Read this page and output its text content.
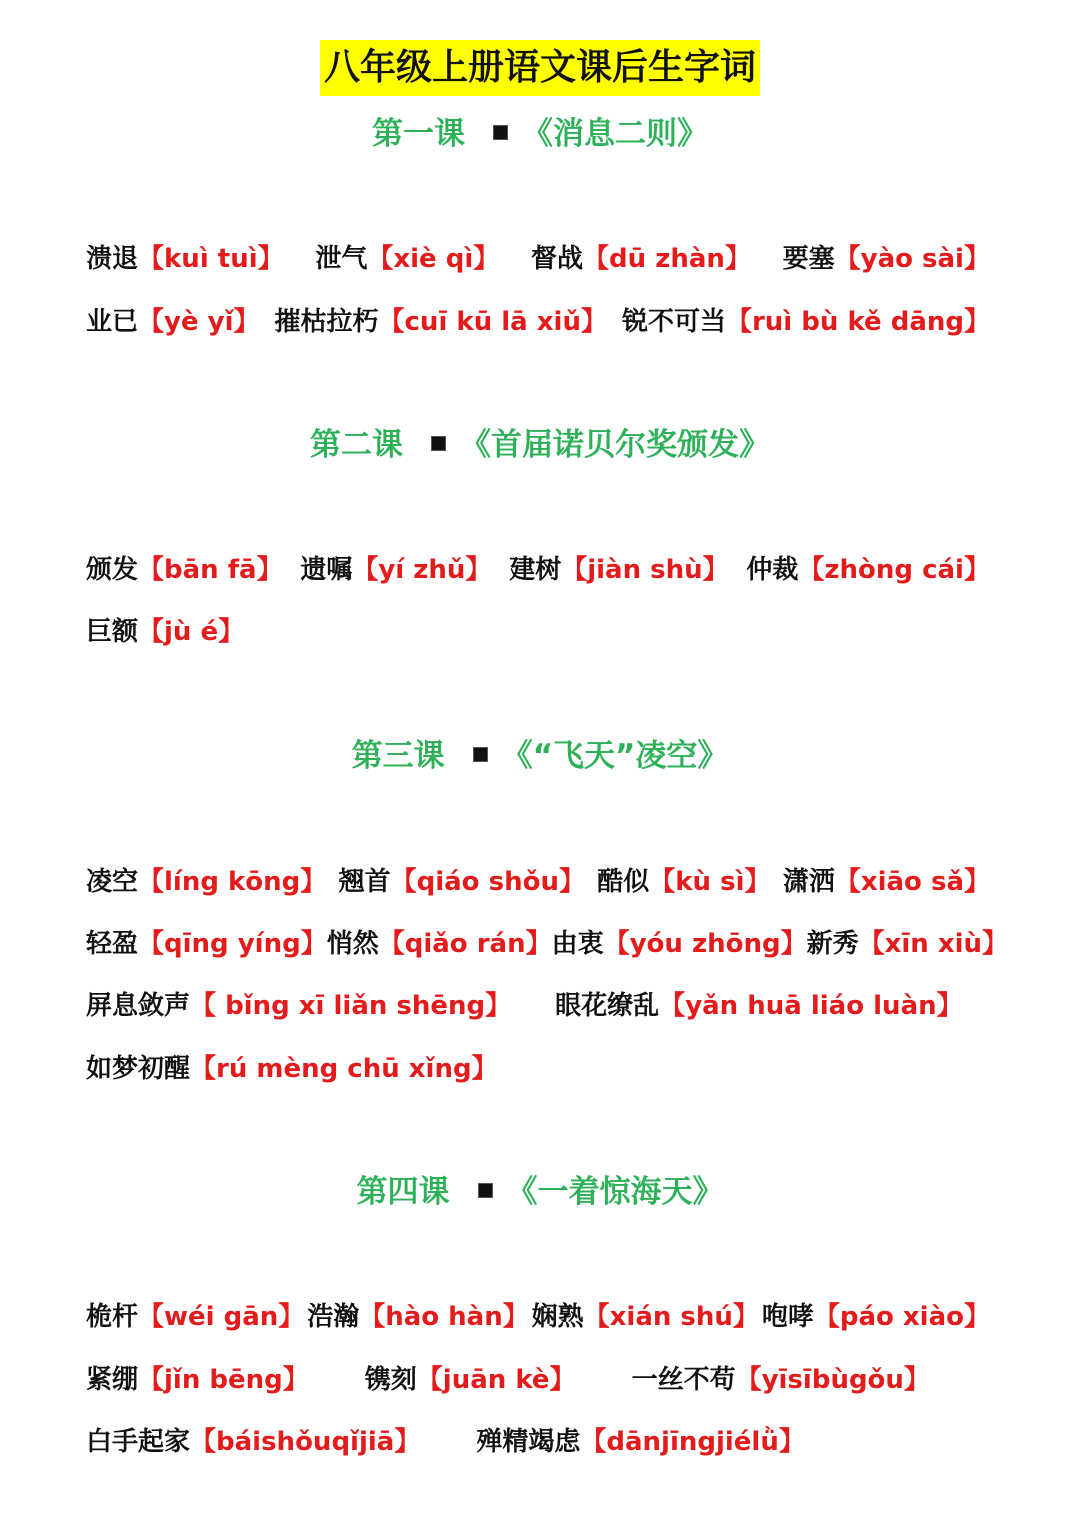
八年级上册语文课后生字词
第一课 《消息二则》
溃退【kuì tuì】 泄气【xiè qì】 督战【dū zhàn】 要塞【yào sài】
业已【yè yǐ】 摧枯拉朽【cuī kū lā xiǔ】 锐不可当【ruì bù kě dāng】
第二课 《首届诺贝尔奖颁发》
颁发【bān fā】 遗嘱【yí zhǔ】 建树【jiàn shù】 仲裁【zhòng cái】
巨额【jù é】
第三课 《“飞天”凌空》
凌空【líng kōng】 翘首【qiáo shǒu】 酷似【kù sì】 潇洒【xiāo sǎ】
轻盈【qīng yíng】 悄然【qiǎo rán】 由衷【yóu zhōng】 新秀【xīn xiù】
屏息敛声【 bǐng xī liǎn shēng】 眼花缭乱【yǎn huā liáo luàn】
如梦初醒【rú mèng chū xǐng】
第四课 《一着惊海天》
桅杆【wéi gān】 浩瀚【hào hàn】 娴熟【xián shú】 咆哮【páo xiào】
紧绷【jǐn bēng】 镌刻【juān kè】 一丝不苟【yīsībùgǒu】
白手起家【báishǒuqǐjiā】 殚精竭虑【dānjīngjiélǜ】
